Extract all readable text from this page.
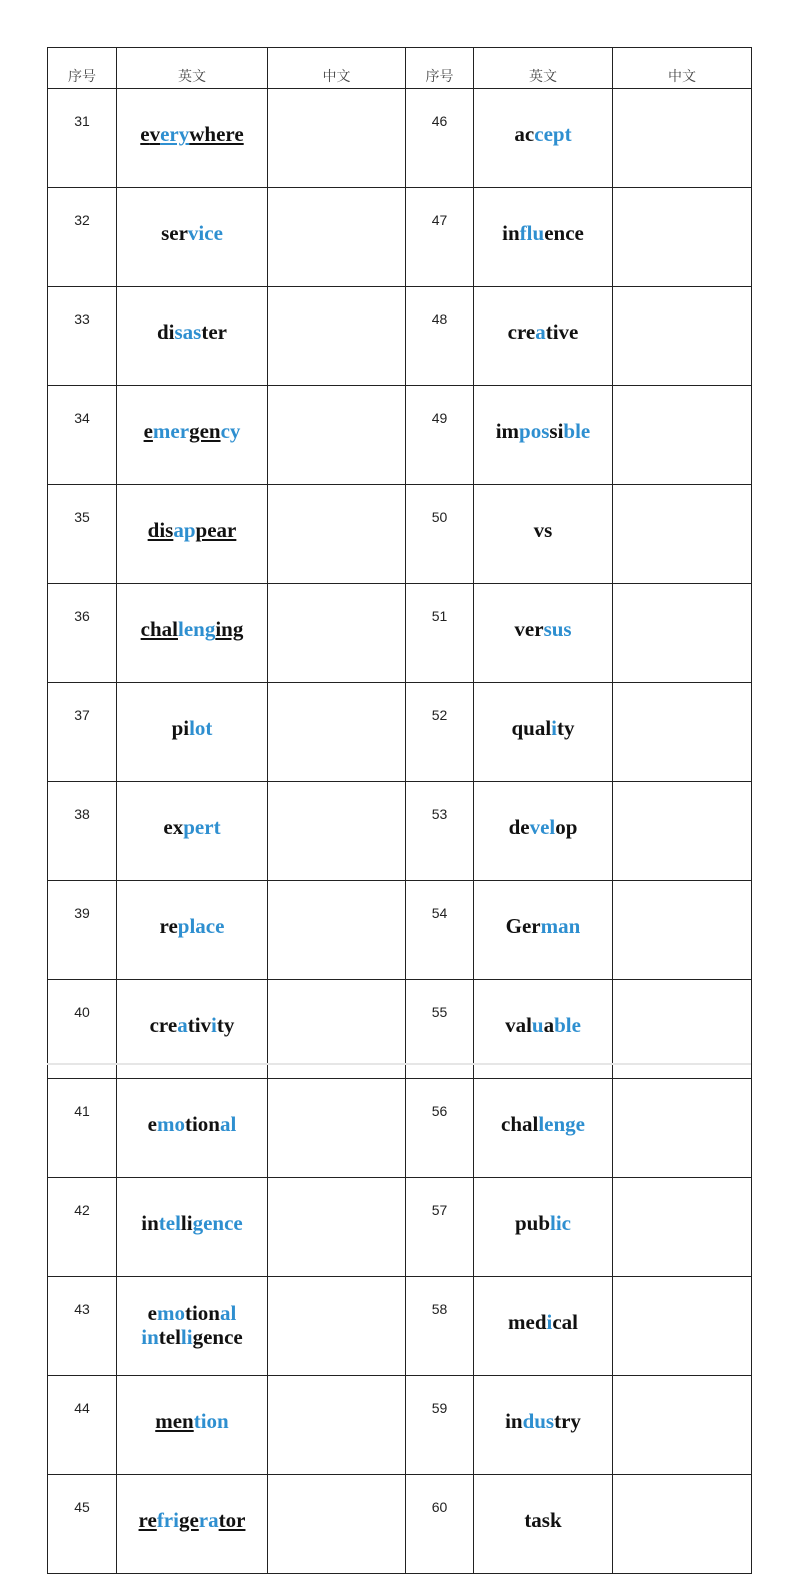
序号	英文	中文	序号	英文	中文
31	everywhere		46	accept	
32	service		47	influence	
33	disaster		48	creative	
34	emergency		49	impossible	
35	disappear		50	vs	
36	challenging		51	versus	
37	pilot		52	quality	
38	expert		53	develop	
39	replace		54	German	
40	creativity		55	valuable	
41	emotional		56	challenge	
42	intelligence		57	public	
43	emotional
intelligence		58	medical	
44	mention		59	industry	
45	refrigerator		60	task	
